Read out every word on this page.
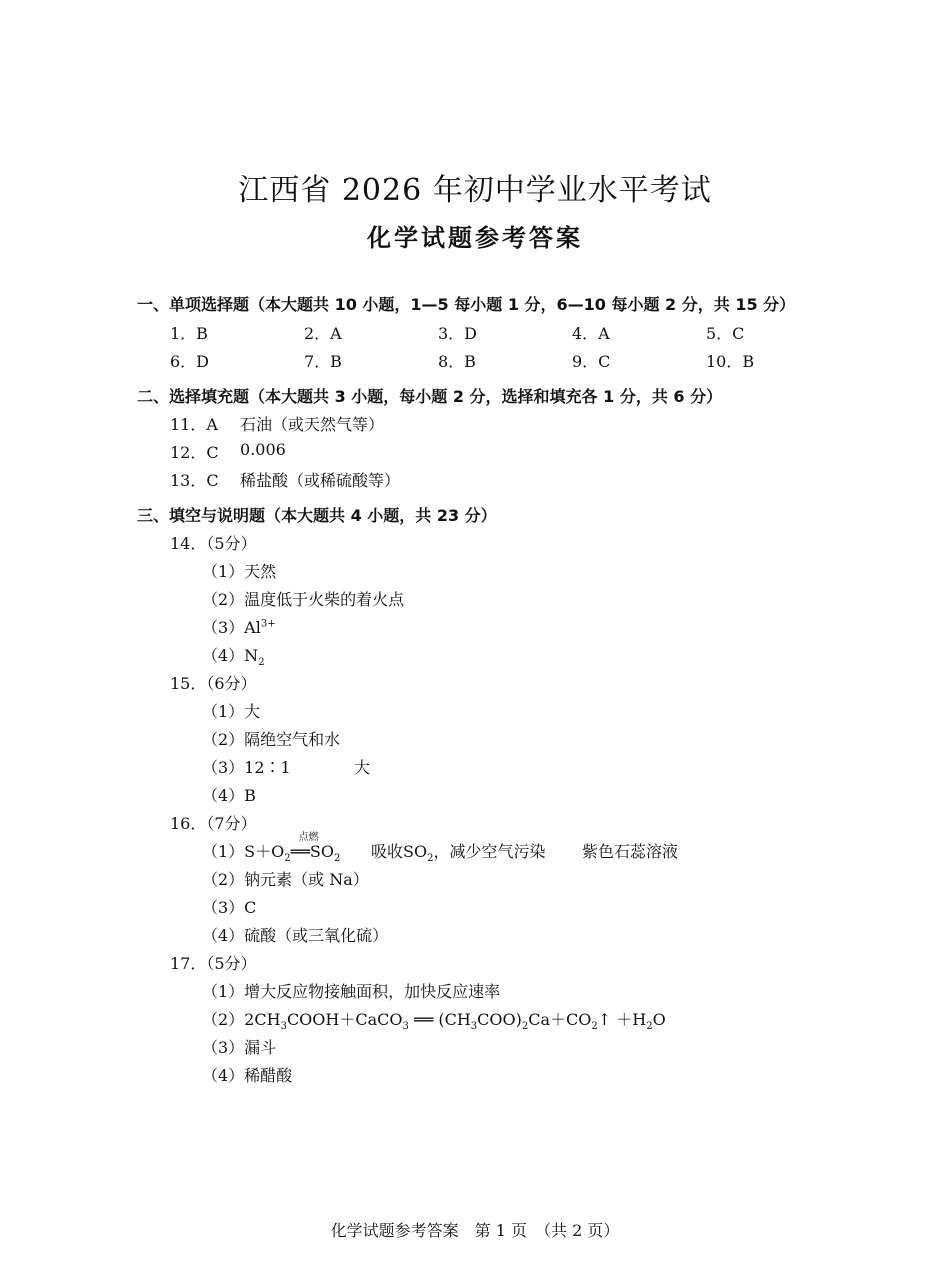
江西省 2026 年初中学业水平考试
化学试题参考答案
一、单项选择题（本大题共 10 小题，1—5 每小题 1 分，6—10 每小题 2 分，共 15 分）
1．B	2．A	3．D	4．A	5．C
6．D	7．B	8．B	9．C	10．B
二、选择填充题（本大题共 3 小题，每小题 2 分，选择和填充各 1 分，共 6 分）
11．A 石油（或天然气等）
12．C 0.006
13．C 稀盐酸（或稀硫酸等）
三、填空与说明题（本大题共 4 小题，共 23 分）
14．（5分）
（1）天然
（2）温度低于火柴的着火点
$(3)Al^{3+}$
$(4)N_2$
15．（6分）
（1）大
（2）隔绝空气和水
（3）12∶1	大
（4）B
16．（7分）
$(1)S+O_2$
点燃
$══SO_2$ 吸收$SO_2$，减少空气污染 紫色石蕊溶液
（2）钠元素（或 Na）
（3）C
（4）硫酸（或三氧化硫）
17．（5分）
（1）增大反应物接触面积，加快反应速率
$(2)2CH_3COOH+CaCO_3$ ══ $(CH_3COO)_2Ca+CO_2↑ +H_2O$
（3）漏斗
（4）稀醋酸
化学试题参考答案　第 1 页　（共 2 页）
